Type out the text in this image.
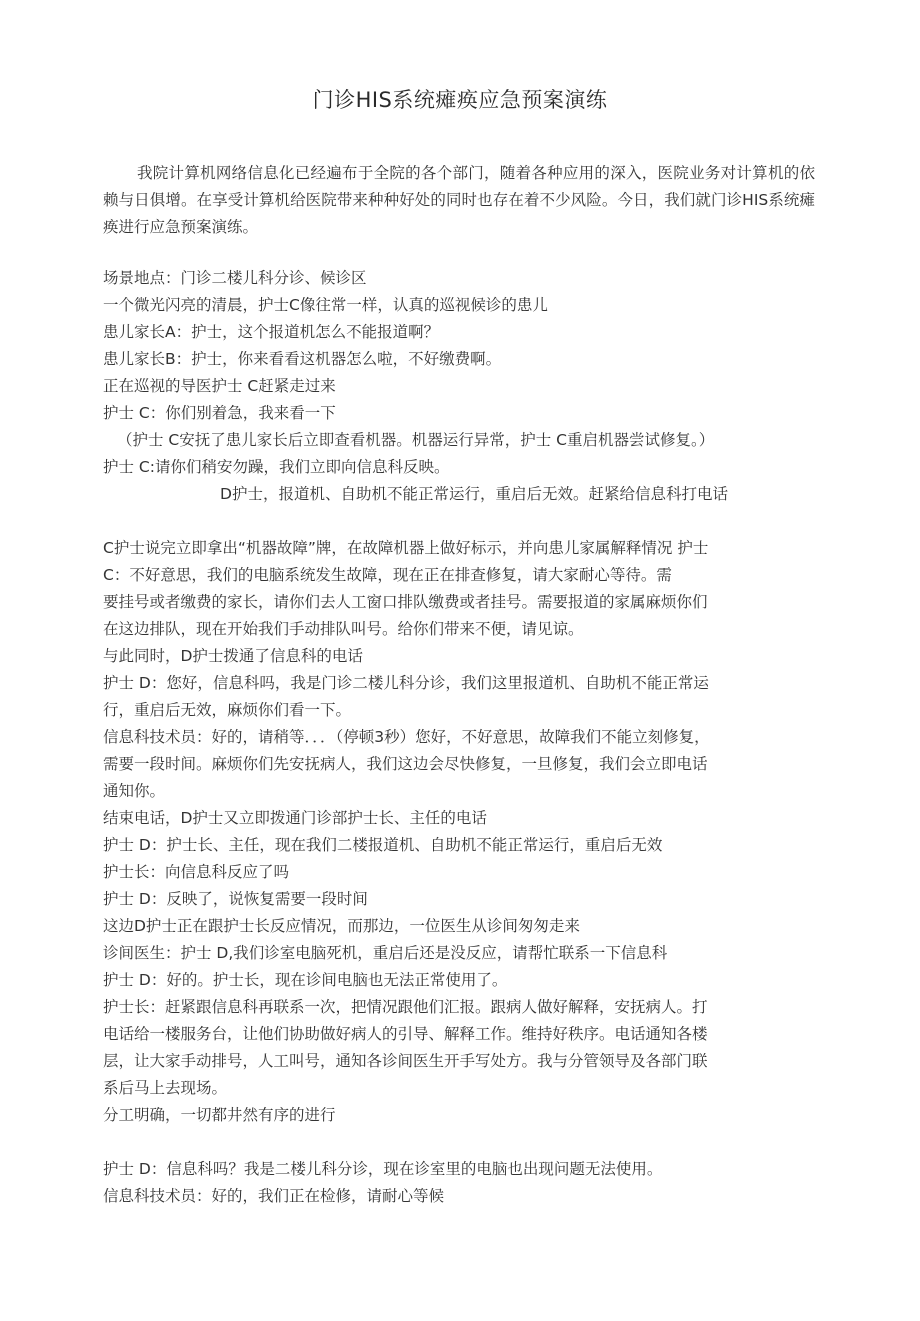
门诊HIS系统瘫痪应急预案演练

我院计算机网络信息化已经遍布于全院的各个部门，随着各种应用的深入，医院业务对计算机的依赖与日俱增。在享受计算机给医院带来种种好处的同时也存在着不少风险。今日，我们就门诊HIS系统瘫痪进行应急预案演练。

场景地点：门诊二楼儿科分诊、候诊区

一个微光闪亮的清晨，护士C像往常一样，认真的巡视候诊的患儿

患儿家长A：护士，这个报道机怎么不能报道啊？

患儿家长B：护士，你来看看这机器怎么啦，不好缴费啊。

正在巡视的导医护士 C赶紧走过来

护士 C：你们别着急，我来看一下

（护士 C安抚了患儿家长后立即查看机器。机器运行异常，护士 C重启机器尝试修复。）

护士 C:请你们稍安勿躁，我们立即向信息科反映。

D护士，报道机、自助机不能正常运行，重启后无效。赶紧给信息科打电话

C护士说完立即拿出“机器故障”牌，在故障机器上做好标示，并向患儿家属解释情况 护士

C：不好意思，我们的电脑系统发生故障，现在正在排查修复，请大家耐心等待。需

要挂号或者缴费的家长，请你们去人工窗口排队缴费或者挂号。需要报道的家属麻烦你们

在这边排队，现在开始我们手动排队叫号。给你们带来不便，请见谅。

与此同时，D护士拨通了信息科的电话

护士 D：您好，信息科吗，我是门诊二楼儿科分诊，我们这里报道机、自助机不能正常运

行，重启后无效，麻烦你们看一下。

信息科技术员：好的，请稍等．．．（停顿3秒）您好，不好意思，故障我们不能立刻修复，

需要一段时间。麻烦你们先安抚病人，我们这边会尽快修复，一旦修复，我们会立即电话

通知你。

结束电话，D护士又立即拨通门诊部护士长、主任的电话

护士 D：护士长、主任，现在我们二楼报道机、自助机不能正常运行，重启后无效

护士长：向信息科反应了吗

护士 D：反映了，说恢复需要一段时间

这边D护士正在跟护士长反应情况，而那边，一位医生从诊间匆匆走来

诊间医生：护士 D,我们诊室电脑死机，重启后还是没反应，请帮忙联系一下信息科

护士 D：好的。护士长，现在诊间电脑也无法正常使用了。

护士长：赶紧跟信息科再联系一次，把情况跟他们汇报。跟病人做好解释，安抚病人。打

电话给一楼服务台，让他们协助做好病人的引导、解释工作。维持好秩序。电话通知各楼

层，让大家手动排号，人工叫号，通知各诊间医生开手写处方。我与分管领导及各部门联

系后马上去现场。

分工明确，一切都井然有序的进行

护士 D：信息科吗？我是二楼儿科分诊，现在诊室里的电脑也出现问题无法使用。

信息科技术员：好的，我们正在检修，请耐心等候
